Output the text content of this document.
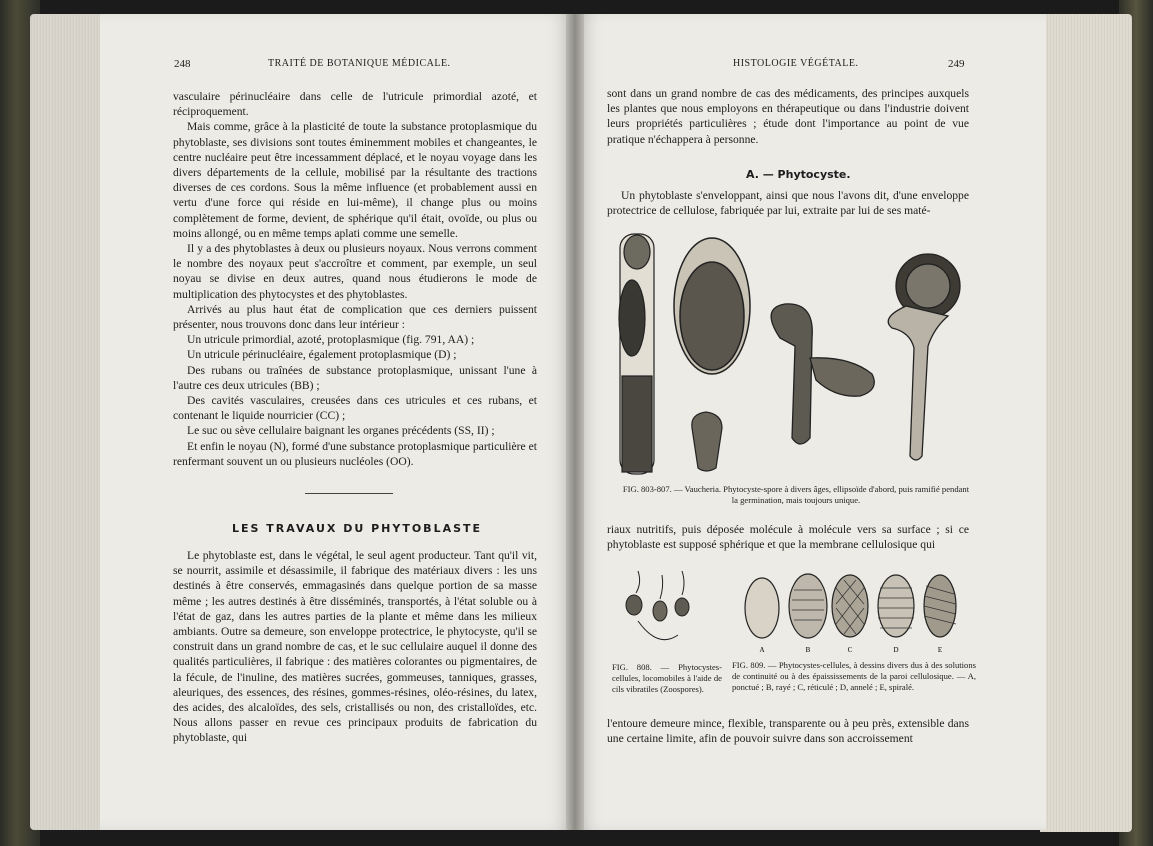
248	TRAITÉ DE BOTANIQUE MÉDICALE.

vasculaire périnucléaire dans celle de l'utricule primordial azoté, et réciproquement.

Mais comme, grâce à la plasticité de toute la substance protoplasmique du phytoblaste, ses divisions sont toutes éminemment mobiles et changeantes, le centre nucléaire peut être incessamment déplacé, et le noyau voyage dans les divers départements de la cellule, mobilisé par la résultante des tractions diverses de ces cordons. Sous la même influence (et probablement aussi en vertu d'une force qui réside en lui-même), il change plus ou moins complètement de forme, devient, de sphérique qu'il était, ovoïde, ou plus ou moins allongé, ou en même temps aplati comme une semelle.

Il y a des phytoblastes à deux ou plusieurs noyaux. Nous verrons comment le nombre des noyaux peut s'accroître et comment, par exemple, un seul noyau se divise en deux autres, quand nous étudierons le mode de multiplication des phytocystes et des phytoblastes.

Arrivés au plus haut état de complication que ces derniers puissent présenter, nous trouvons donc dans leur intérieur :

Un utricule primordial, azoté, protoplasmique (fig. 791, AA) ;

Un utricule périnucléaire, également protoplasmique (D) ;

Des rubans ou traînées de substance protoplasmique, unissant l'une à l'autre ces deux utricules (BB) ;

Des cavités vasculaires, creusées dans ces utricules et ces rubans, et contenant le liquide nourricier (CC) ;

Le suc ou sève cellulaire baignant les organes précédents (SS, II) ;

Et enfin le noyau (N), formé d'une substance protoplasmique particulière et renfermant souvent un ou plusieurs nucléoles (OO).

LES TRAVAUX DU PHYTOBLASTE

Le phytoblaste est, dans le végétal, le seul agent producteur. Tant qu'il vit, se nourrit, assimile et désassimile, il fabrique des matériaux divers : les uns destinés à être conservés, emmagasinés dans quelque portion de sa masse même ; les autres destinés à être disséminés, transportés, à l'état soluble ou à l'état de gaz, dans les autres parties de la plante et même dans les milieux ambiants. Outre sa demeure, son enveloppe protectrice, le phytocyste, qu'il se construit dans un grand nombre de cas, et le suc cellulaire auquel il donne des qualités particulières, il fabrique : des matières colorantes ou pigmentaires, de la fécule, de l'inuline, des matières sucrées, gommeuses, tanniques, grasses, aleuriques, des essences, des résines, gommes-résines, oléo-résines, du latex, des acides, des alcaloïdes, des sels, cristallisés ou non, des cristalloïdes, etc. Nous allons passer en revue ces principaux produits de fabrication du phytoblaste, qui

HISTOLOGIE VÉGÉTALE.	249

sont dans un grand nombre de cas des médicaments, des principes auxquels les plantes que nous employons en thérapeutique ou dans l'industrie doivent leurs propriétés particulières ; étude dont l'importance au point de vue pratique n'échappera à personne.

A. — Phytocyste.

Un phytoblaste s'enveloppant, ainsi que nous l'avons dit, d'une enveloppe protectrice de cellulose, fabriquée par lui, extraite par lui de ses maté-

FIG. 803-807. — Vaucheria. Phytocyste-spore à divers âges, ellipsoïde d'abord, puis ramifié pendant la germination, mais toujours unique.

riaux nutritifs, puis déposée molécule à molécule vers sa surface ; si ce phytoblaste est supposé sphérique et que la membrane cellulosique qui

A	B	C	D	E
FIG. 808. — Phytocystes-cellules, locomobiles à l'aide de cils vibratiles (Zoospores).
FIG. 809. — Phytocystes-cellules, à dessins divers dus à des solutions de continuité ou à des épaississements de la paroi cellulosique. — A, ponctué ; B, rayé ; C, réticulé ; D, annelé ; E, spiralé.

l'entoure demeure mince, flexible, transparente ou à peu près, extensible dans une certaine limite, afin de pouvoir suivre dans son accroissement
